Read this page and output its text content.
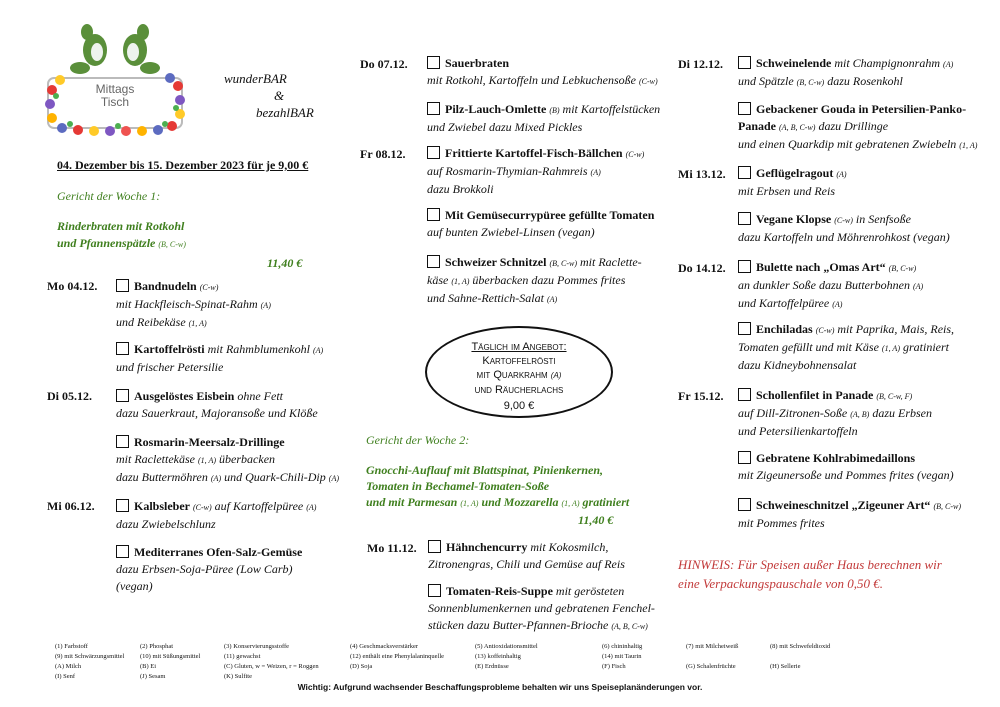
Mittags
Tisch
wunderBAR
&
bezahlBAR
04. Dezember bis 15. Dezember 2023 für je 9,00 €
Gericht der Woche 1:
Rinderbraten mit Rotkohl
und Pfannenspätzle (B, C-w)
11,40 €
Mo 04.12.	Bandnudeln (C-w)
mit Hackfleisch-Spinat-Rahm (A)
und Reibekäse (1, A)
Kartoffelrösti mit Rahmblumenkohl (A)
und frischer Petersilie
Di 05.12.	Ausgelöstes Eisbein ohne Fett
dazu Sauerkraut, Majoransoße und Klöße
Rosmarin-Meersalz-Drillinge
mit Raclettekäse (1, A) überbacken
dazu Buttermöhren (A) und Quark-Chili-Dip (A)
Mi 06.12.	Kalbsleber (C-w) auf Kartoffelpüree (A)
dazu Zwiebelschlunz
Mediterranes Ofen-Salz-Gemüse
dazu Erbsen-Soja-Püree (Low Carb)
(vegan)
Do 07.12.	Sauerbraten
mit Rotkohl, Kartoffeln und Lebkuchensoße (C-w)
Pilz-Lauch-Omlette (B) mit Kartoffelstücken
und Zwiebel dazu Mixed Pickles
Fr 08.12.	Frittierte Kartoffel-Fisch-Bällchen (C-w)
auf Rosmarin-Thymian-Rahmreis (A)
dazu Brokkoli
Mit Gemüsecurrypüree gefüllte Tomaten
auf bunten Zwiebel-Linsen (vegan)
Schweizer Schnitzel (B, C-w) mit Raclette-
käse (1, A) überbacken dazu Pommes frites
und Sahne-Rettich-Salat (A)
Täglich im Angebot:
Kartoffelrösti
mit Quarkrahm (A)
und Räucherlachs
9,00 €
Gericht der Woche 2:
Gnocchi-Auflauf mit Blattspinat, Pinienkernen,
Tomaten in Bechamel-Tomaten-Soße
und mit Parmesan (1, A) und Mozzarella (1, A) gratiniert
11,40 €
Mo 11.12.	Hähnchencurry mit Kokosmilch,
Zitronengras, Chili und Gemüse auf Reis
Tomaten-Reis-Suppe mit gerösteten
Sonnenblumenkernen und gebratenen Fenchel-
stücken dazu Butter-Pfannen-Brioche (A, B, C-w)
Di 12.12.	Schweinelende mit Champignonrahm (A)
und Spätzle (B, C-w) dazu Rosenkohl
Gebackener Gouda in Petersilien-Panko-
Panade (A, B, C-w) dazu Drillinge
und einen Quarkdip mit gebratenen Zwiebeln (1, A)
Mi 13.12.	Geflügelragout (A)
mit Erbsen und Reis
Vegane Klopse (C-w) in Senfsoße
dazu Kartoffeln und Möhrenrohkost (vegan)
Do 14.12.	Bulette nach „Omas Art“ (B, C-w)
an dunkler Soße dazu Butterbohnen (A)
und Kartoffelpüree (A)
Enchiladas (C-w) mit Paprika, Mais, Reis,
Tomaten gefüllt und mit Käse (1, A) gratiniert
dazu Kidneybohnensalat
Fr 15.12.	Schollenfilet in Panade (B, C-w, F)
auf Dill-Zitronen-Soße (A, B) dazu Erbsen
und Petersilienkartoffeln
Gebratene Kohlrabimedaillons
mit Zigeunersoße und Pommes frites (vegan)
Schweineschnitzel „Zigeuner Art“ (B, C-w)
mit Pommes frites
HINWEIS: Für Speisen außer Haus berechnen wir
eine Verpackungspauschale von 0,50 €.
(1) Farbstoff
(9) mit Schwärzungsmittel
(A) Milch
(I) Senf
(2) Phosphat
(10) mit Süßungsmittel
(B) Ei
(J) Sesam
(3) Konservierungsstoffe
(11) gewachst
(C) Gluten, w = Weizen, r = Roggen
(K) Sulfite
(4) Geschmacksverstärker
(12) enthält eine Phenylalaninquelle
(D) Soja
(5) Antioxidationsmittel
(13) koffeinhaltig
(E) Erdnüsse
(6) chininhaltig
(14) mit Taurin
(F) Fisch
(7) mit Milcheiweiß

(G) Schalenfrüchte
(8) mit Schwefeldioxid

(H) Sellerie
Wichtig: Aufgrund wachsender Beschaffungsprobleme behalten wir uns Speiseplanänderungen vor.
